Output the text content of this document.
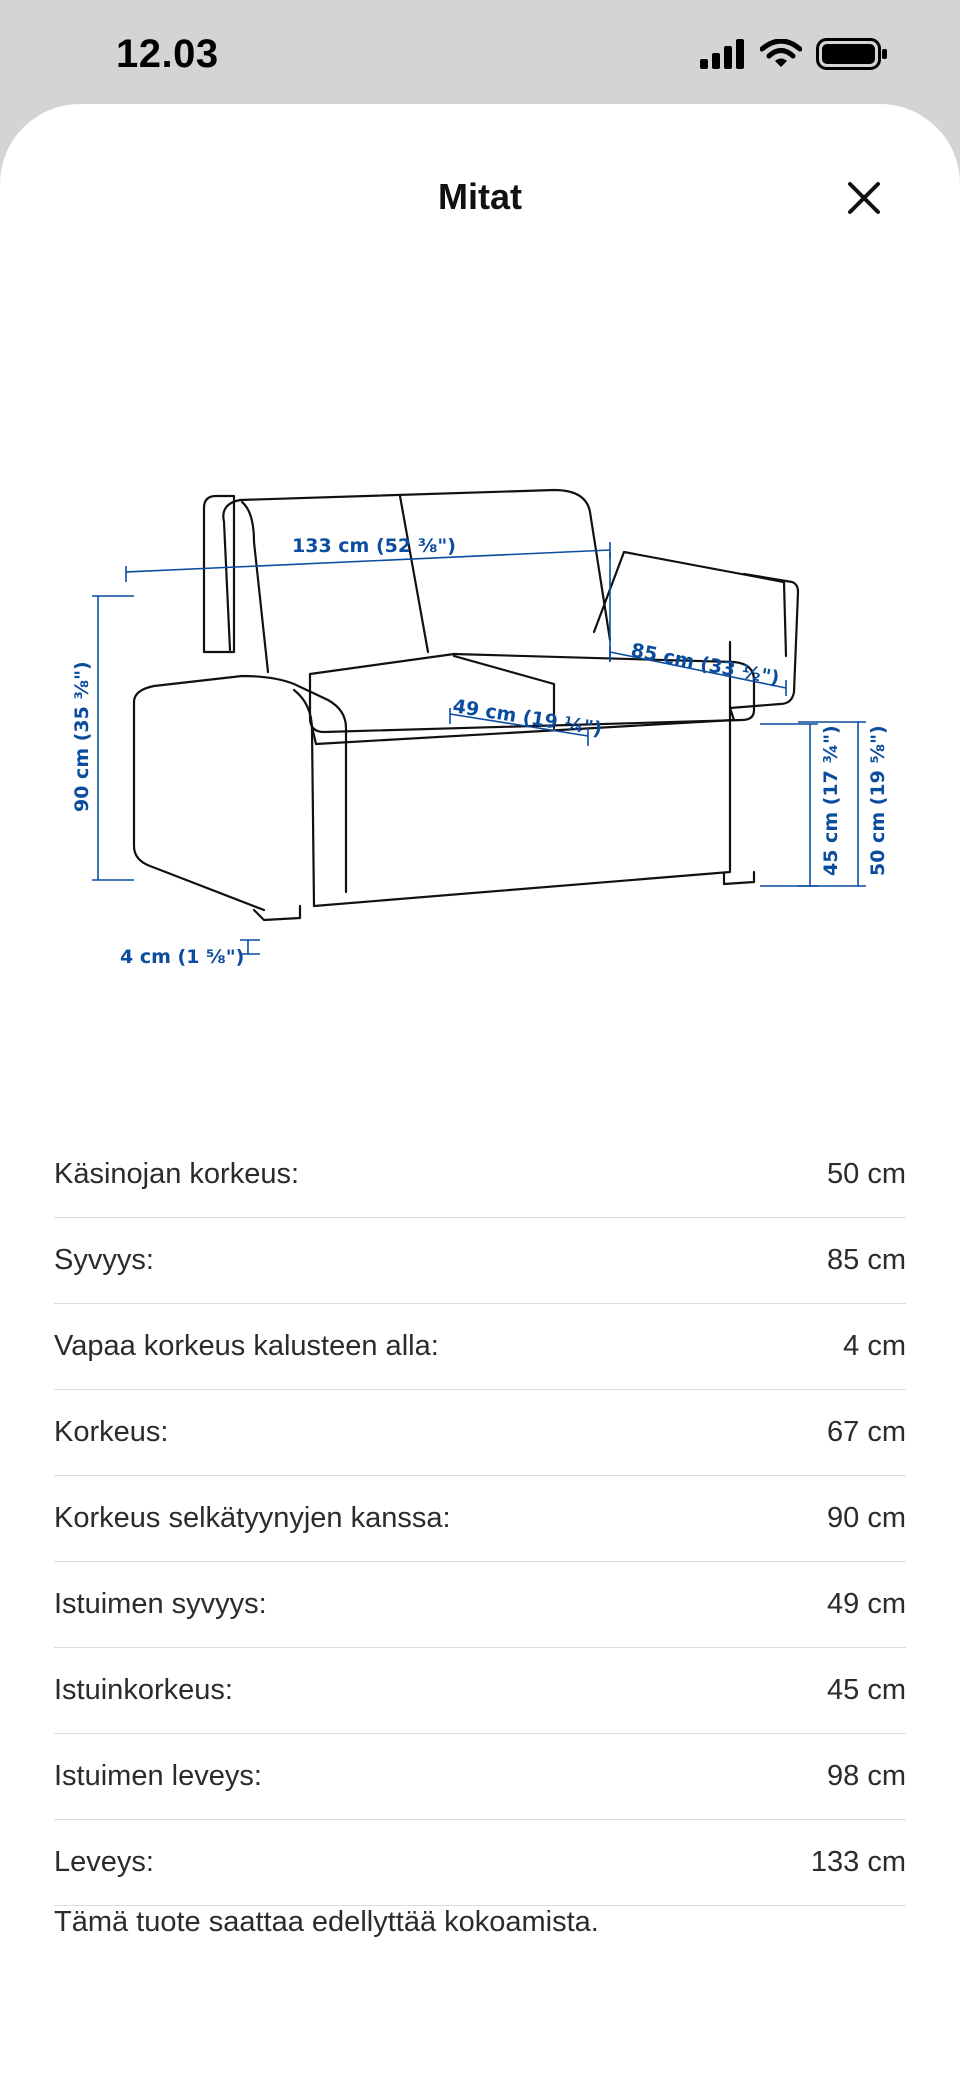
12.03
Mitat
133 cm (52 ⅜")
85 cm (33 ½")
49 cm (19 ¼")
90 cm (35 ⅜")	45 cm (17 ¾") 50 cm (19 ⅝")
4 cm (1 ⅝")
Käsinojan korkeus:	50 cm
Syvyys:	85 cm
Vapaa korkeus kalusteen alla:	4 cm
Korkeus:	67 cm
Korkeus selkätyynyjen kanssa:	90 cm
Istuimen syvyys:	49 cm
Istuinkorkeus:	45 cm
Istuimen leveys:	98 cm
Leveys:	133 cm
Tämä tuote saattaa edellyttää kokoamista.
